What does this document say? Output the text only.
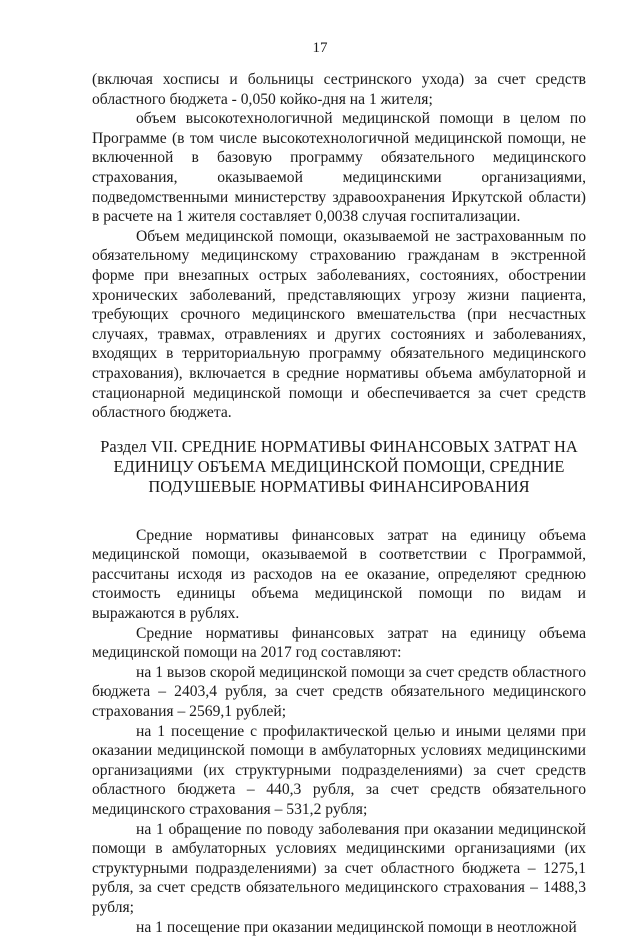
17

(включая хосписы и больницы сестринского ухода) за счет средств областного бюджета - 0,050 койко-дня на 1 жителя;

объем высокотехнологичной медицинской помощи в целом по Программе (в том числе высокотехнологичной медицинской помощи, не включенной в базовую программу обязательного медицинского страхования, оказываемой медицинскими организациями, подведомственными министерству здравоохранения Иркутской области) в расчете на 1 жителя составляет 0,0038 случая госпитализации.

Объем медицинской помощи, оказываемой не застрахованным по обязательному медицинскому страхованию гражданам в экстренной форме при внезапных острых заболеваниях, состояниях, обострении хронических заболеваний, представляющих угрозу жизни пациента, требующих срочного медицинского вмешательства (при несчастных случаях, травмах, отравлениях и других состояниях и заболеваниях, входящих в территориальную программу обязательного медицинского страхования), включается в средние нормативы объема амбулаторной и стационарной медицинской помощи и обеспечивается за счет средств областного бюджета.

Раздел VII. СРЕДНИЕ НОРМАТИВЫ ФИНАНСОВЫХ ЗАТРАТ НА
ЕДИНИЦУ ОБЪЕМА МЕДИЦИНСКОЙ ПОМОЩИ, СРЕДНИЕ
ПОДУШЕВЫЕ НОРМАТИВЫ ФИНАНСИРОВАНИЯ

Средние нормативы финансовых затрат на единицу объема медицинской помощи, оказываемой в соответствии с Программой, рассчитаны исходя из расходов на ее оказание, определяют среднюю стоимость единицы объема медицинской помощи по видам и выражаются в рублях.

Средние нормативы финансовых затрат на единицу объема медицинской помощи на 2017 год составляют:

на 1 вызов скорой медицинской помощи за счет средств областного бюджета – 2403,4 рубля, за счет средств обязательного медицинского страхования – 2569,1 рублей;

на 1 посещение с профилактической целью и иными целями при оказании медицинской помощи в амбулаторных условиях медицинскими организациями (их структурными подразделениями) за счет средств областного бюджета – 440,3 рубля, за счет средств обязательного медицинского страхования – 531,2 рубля;

на 1 обращение по поводу заболевания при оказании медицинской помощи в амбулаторных условиях медицинскими организациями (их структурными подразделениями) за счет областного бюджета – 1275,1 рубля, за счет средств обязательного медицинского страхования – 1488,3 рубля;

на 1 посещение при оказании медицинской помощи в неотложной
